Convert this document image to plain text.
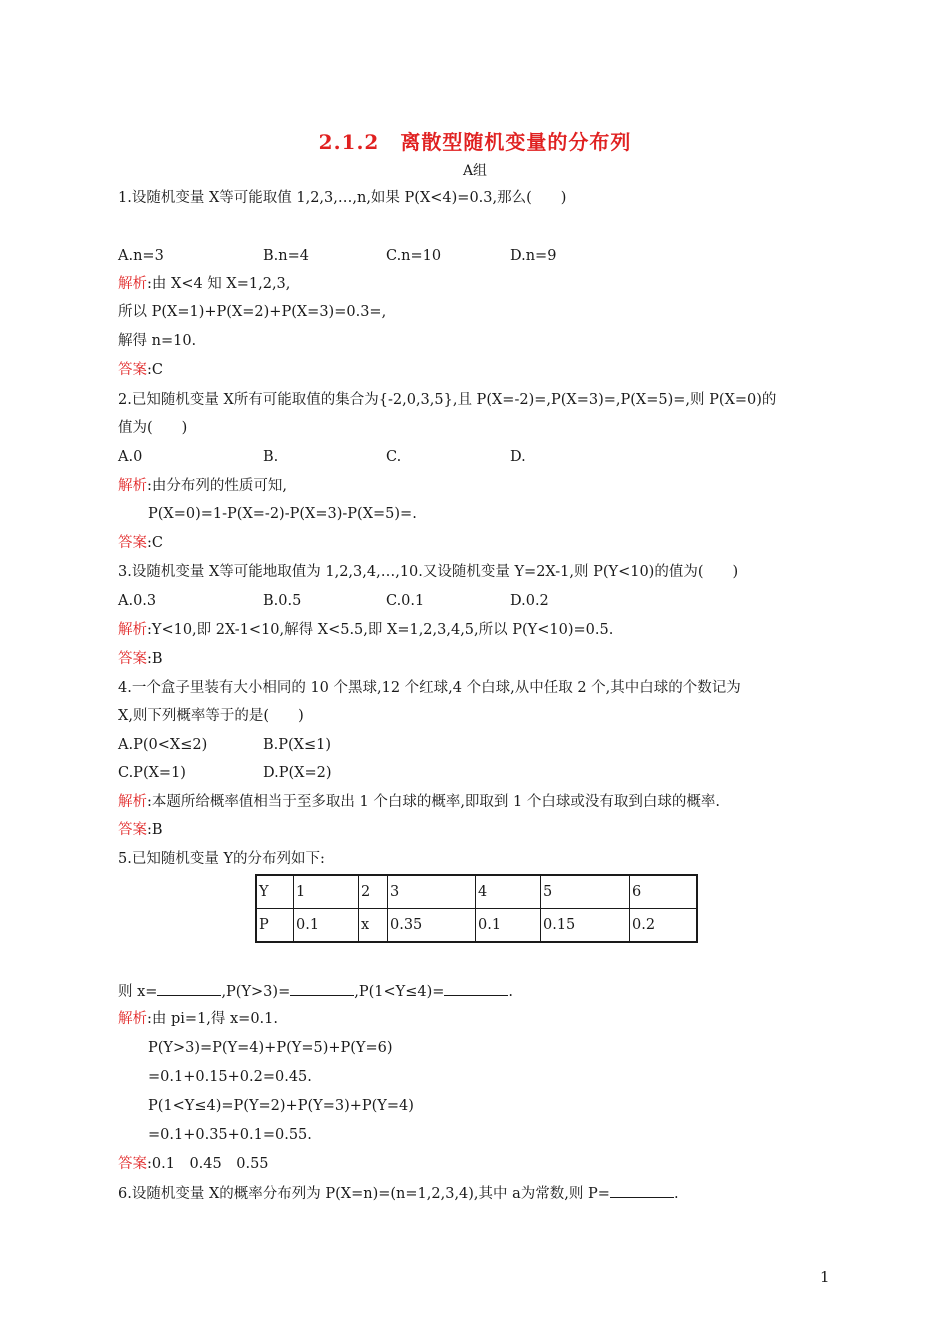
2.1.2　离散型随机变量的分布列
A组
1.设随机变量 X等可能取值 1,2,3,…,n,如果 P(X<4)=0.3,那么(　　)
A.n=3	B.n=4	C.n=10	D.n=9
解析:由 X<4 知 X=1,2,3,
所以 P(X=1)+P(X=2)+P(X=3)=0.3=,
解得 n=10.
答案:C
2.已知随机变量 X所有可能取值的集合为{-2,0,3,5},且 P(X=-2)=,P(X=3)=,P(X=5)=,则 P(X=0)的
值为(　　)
A.0	B.	C.	D.
解析:由分布列的性质可知,
P(X=0)=1-P(X=-2)-P(X=3)-P(X=5)=.
答案:C
3.设随机变量 X等可能地取值为 1,2,3,4,…,10.又设随机变量 Y=2X-1,则 P(Y<10)的值为(　　)
A.0.3	B.0.5	C.0.1	D.0.2
解析:Y<10,即 2X-1<10,解得 X<5.5,即 X=1,2,3,4,5,所以 P(Y<10)=0.5.
答案:B
4.一个盒子里装有大小相同的 10 个黑球,12 个红球,4 个白球,从中任取 2 个,其中白球的个数记为
X,则下列概率等于的是(　　)
A.P(0<X≤2)	B.P(X≤1)
C.P(X=1)	D.P(X=2)
解析:本题所给概率值相当于至多取出 1 个白球的概率,即取到 1 个白球或没有取到白球的概率.
答案:B
5.已知随机变量 Y的分布列如下:
Y	1	2	3	4	5	6
P	0.1	x	0.35	0.1	0.15	0.2
则 x=	,P(Y>3)=	,P(1<Y≤4)=	.
解析:由 pi=1,得 x=0.1.
P(Y>3)=P(Y=4)+P(Y=5)+P(Y=6)
=0.1+0.15+0.2=0.45.
P(1<Y≤4)=P(Y=2)+P(Y=3)+P(Y=4)
=0.1+0.35+0.1=0.55.
答案:0.1　0.45　0.55
6.设随机变量 X的概率分布列为 P(X=n)=(n=1,2,3,4),其中 a为常数,则 P=	.
1
